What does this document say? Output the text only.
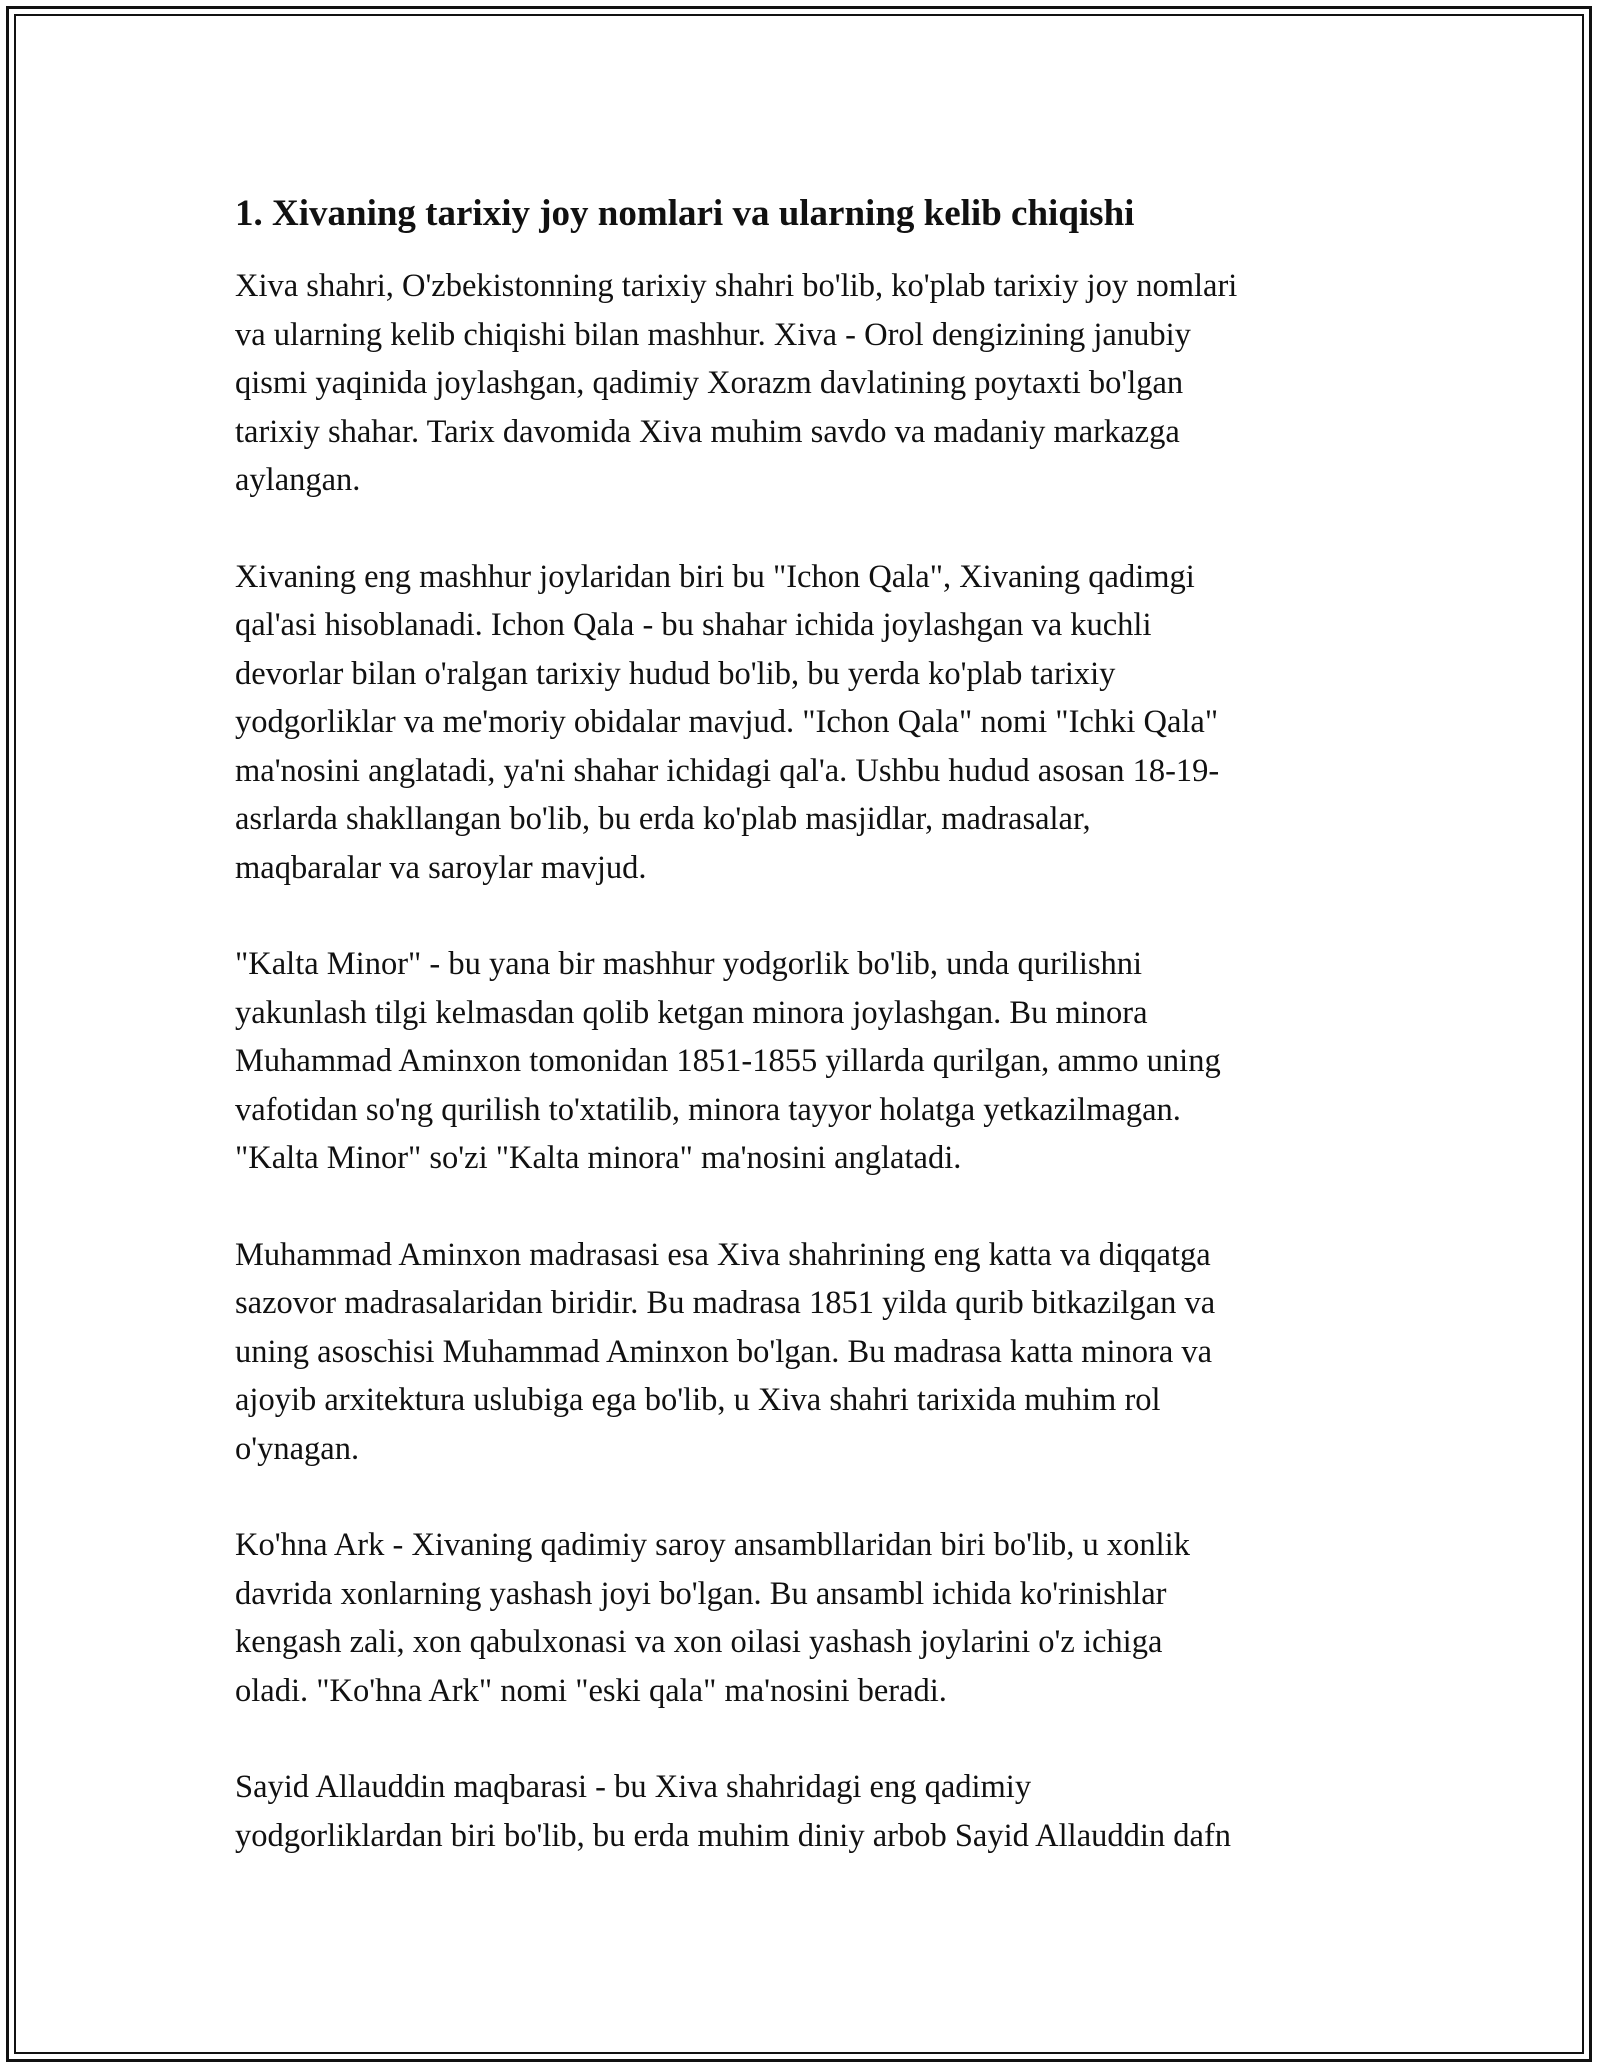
1. Xivaning tarixiy joy nomlari va ularning kelib chiqishi

Xiva shahri, O'zbekistonning tarixiy shahri bo'lib, ko'plab tarixiy joy nomlari
va ularning kelib chiqishi bilan mashhur. Xiva - Orol dengizining janubiy
qismi yaqinida joylashgan, qadimiy Xorazm davlatining poytaxti bo'lgan
tarixiy shahar. Tarix davomida Xiva muhim savdo va madaniy markazga
aylangan.

Xivaning eng mashhur joylaridan biri bu "Ichon Qala", Xivaning qadimgi
qal'asi hisoblanadi. Ichon Qala - bu shahar ichida joylashgan va kuchli
devorlar bilan o'ralgan tarixiy hudud bo'lib, bu yerda ko'plab tarixiy
yodgorliklar va me'moriy obidalar mavjud. "Ichon Qala" nomi "Ichki Qala"
ma'nosini anglatadi, ya'ni shahar ichidagi qal'a. Ushbu hudud asosan 18-19-
asrlarda shakllangan bo'lib, bu erda ko'plab masjidlar, madrasalar,
maqbaralar va saroylar mavjud.

"Kalta Minor" - bu yana bir mashhur yodgorlik bo'lib, unda qurilishni
yakunlash tilgi kelmasdan qolib ketgan minora joylashgan. Bu minora
Muhammad Aminxon tomonidan 1851-1855 yillarda qurilgan, ammo uning
vafotidan so'ng qurilish to'xtatilib, minora tayyor holatga yetkazilmagan.
"Kalta Minor" so'zi "Kalta minora" ma'nosini anglatadi.

Muhammad Aminxon madrasasi esa Xiva shahrining eng katta va diqqatga
sazovor madrasalaridan biridir. Bu madrasa 1851 yilda qurib bitkazilgan va
uning asoschisi Muhammad Aminxon bo'lgan. Bu madrasa katta minora va
ajoyib arxitektura uslubiga ega bo'lib, u Xiva shahri tarixida muhim rol
o'ynagan.

Ko'hna Ark - Xivaning qadimiy saroy ansambllaridan biri bo'lib, u xonlik
davrida xonlarning yashash joyi bo'lgan. Bu ansambl ichida ko'rinishlar
kengash zali, xon qabulxonasi va xon oilasi yashash joylarini o'z ichiga
oladi. "Ko'hna Ark" nomi "eski qala" ma'nosini beradi.

Sayid Allauddin maqbarasi - bu Xiva shahridagi eng qadimiy
yodgorliklardan biri bo'lib, bu erda muhim diniy arbob Sayid Allauddin dafn
